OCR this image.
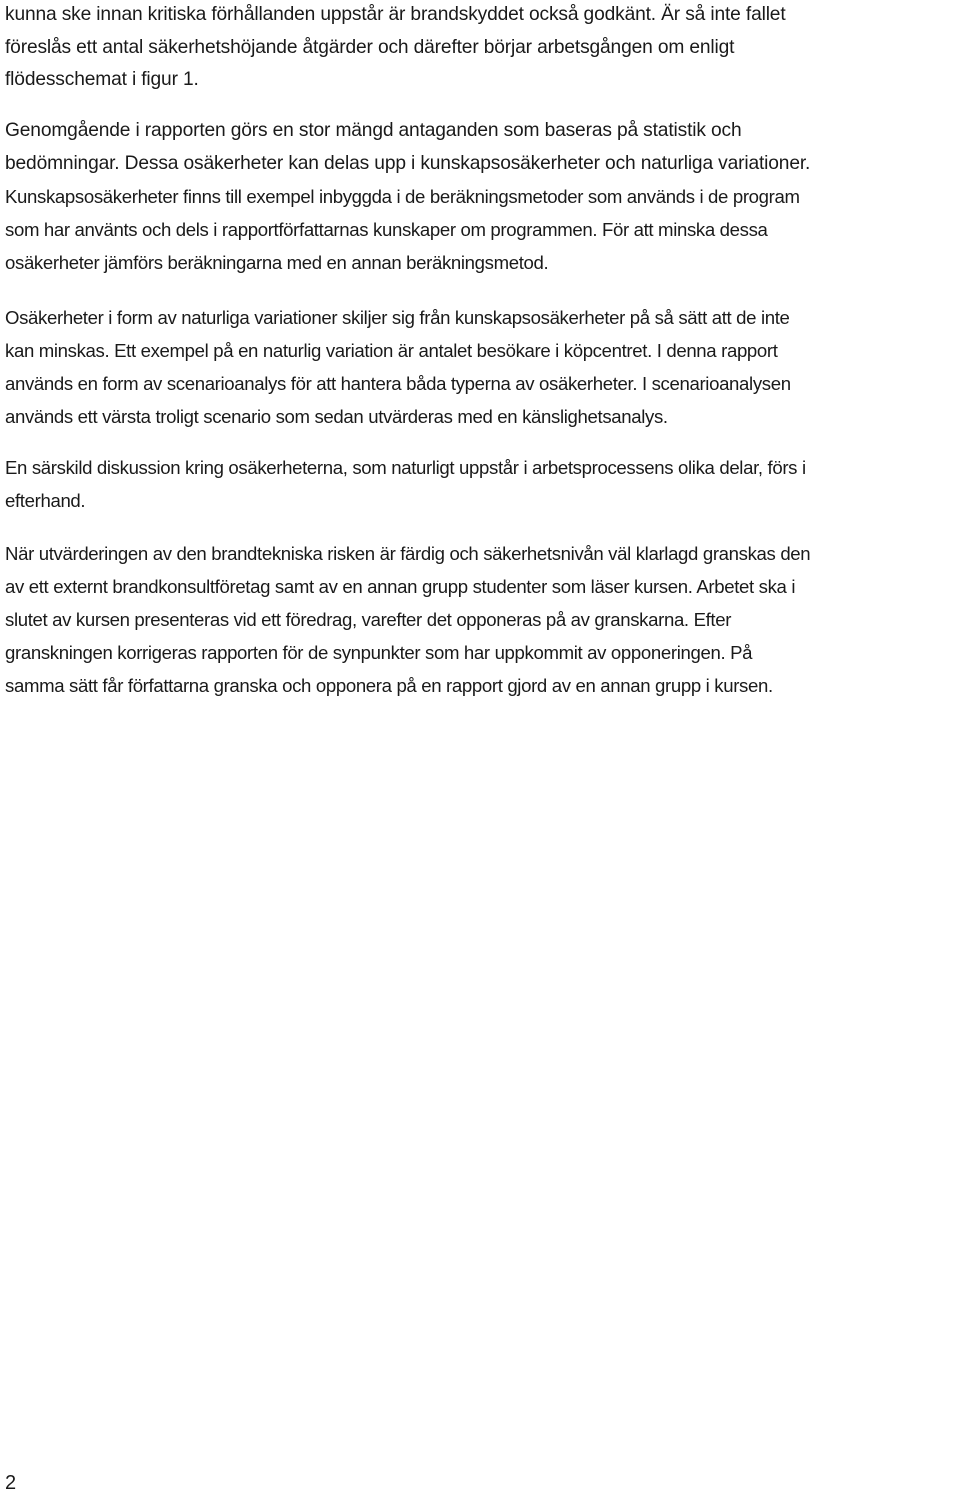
kunna ske innan kritiska förhållanden uppstår är brandskyddet också godkänt. Är så inte fallet
föreslås ett antal säkerhetshöjande åtgärder och därefter börjar arbetsgången om enligt
flödesschemat i figur 1.

Genomgående i rapporten görs en stor mängd antaganden som baseras på statistik och
bedömningar. Dessa osäkerheter kan delas upp i kunskapsosäkerheter och naturliga variationer.
Kunskapsosäkerheter finns till exempel inbyggda i de beräkningsmetoder som används i de program
som har använts och dels i rapportförfattarnas kunskaper om programmen. För att minska dessa
osäkerheter jämförs beräkningarna med en annan beräkningsmetod.

Osäkerheter i form av naturliga variationer skiljer sig från kunskapsosäkerheter på så sätt att de inte
kan minskas. Ett exempel på en naturlig variation är antalet besökare i köpcentret. I denna rapport
används en form av scenarioanalys för att hantera båda typerna av osäkerheter. I scenarioanalysen
används ett värsta troligt scenario som sedan utvärderas med en känslighetsanalys.

En särskild diskussion kring osäkerheterna, som naturligt uppstår i arbetsprocessens olika delar, förs i
efterhand.

När utvärderingen av den brandtekniska risken är färdig och säkerhetsnivån väl klarlagd granskas den
av ett externt brandkonsultföretag samt av en annan grupp studenter som läser kursen. Arbetet ska i
slutet av kursen presenteras vid ett föredrag, varefter det opponeras på av granskarna. Efter
granskningen korrigeras rapporten för de synpunkter som har uppkommit av opponeringen. På
samma sätt får författarna granska och opponera på en rapport gjord av en annan grupp i kursen.

2
